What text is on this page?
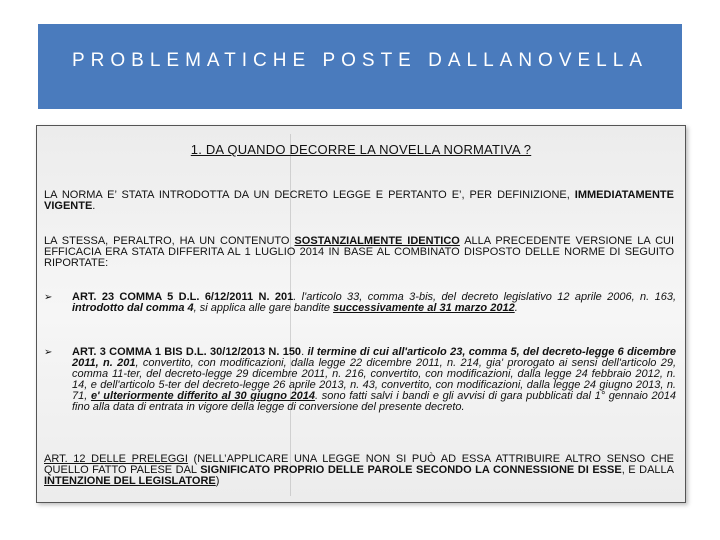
PROBLEMATICHE POSTE DALLANOVELLA
1. DA QUANDO DECORRE LA NOVELLA NORMATIVA ?
LA NORMA E’ STATA INTRODOTTA DA UN DECRETO LEGGE E PERTANTO E’, PER DEFINIZIONE, IMMEDIATAMENTE VIGENTE.
LA STESSA, PERALTRO, HA UN CONTENUTO SOSTANZIALMENTE IDENTICO ALLA PRECEDENTE VERSIONE LA CUI EFFICACIA ERA STATA DIFFERITA AL 1 LUGLIO 2014 IN BASE AL COMBINATO DISPOSTO DELLE NORME DI SEGUITO RIPORTATE:
➢ ART. 23 COMMA 5 D.L. 6/12/2011 N. 201. l'articolo 33, comma 3-bis, del decreto legislativo 12 aprile 2006, n. 163, introdotto dal comma 4, si applica alle gare bandite successivamente al 31 marzo 2012.
➢ ART. 3 COMMA 1 BIS D.L. 30/12/2013 N. 150. il termine di cui all'articolo 23, comma 5, del decreto-legge 6 dicembre 2011, n. 201, convertito, con modificazioni, dalla legge 22 dicembre 2011, n. 214, gia' prorogato ai sensi dell'articolo 29, comma 11-ter, del decreto-legge 29 dicembre 2011, n. 216, convertito, con modificazioni, dalla legge 24 febbraio 2012, n. 14, e dell'articolo 5-ter del decreto-legge 26 aprile 2013, n. 43, convertito, con modificazioni, dalla legge 24 giugno 2013, n. 71, e' ulteriormente differito al 30 giugno 2014. sono fatti salvi i bandi e gli avvisi di gara pubblicati dal 1° gennaio 2014 fino alla data di entrata in vigore della legge di conversione del presente decreto.
ART. 12 DELLE PRELEGGI (NELL’APPLICARE UNA LEGGE NON SI PUÒ AD ESSA ATTRIBUIRE ALTRO SENSO CHE QUELLO FATTO PALESE DAL SIGNIFICATO PROPRIO DELLE PAROLE SECONDO LA CONNESSIONE DI ESSE, E DALLA INTENZIONE DEL LEGISLATORE)
